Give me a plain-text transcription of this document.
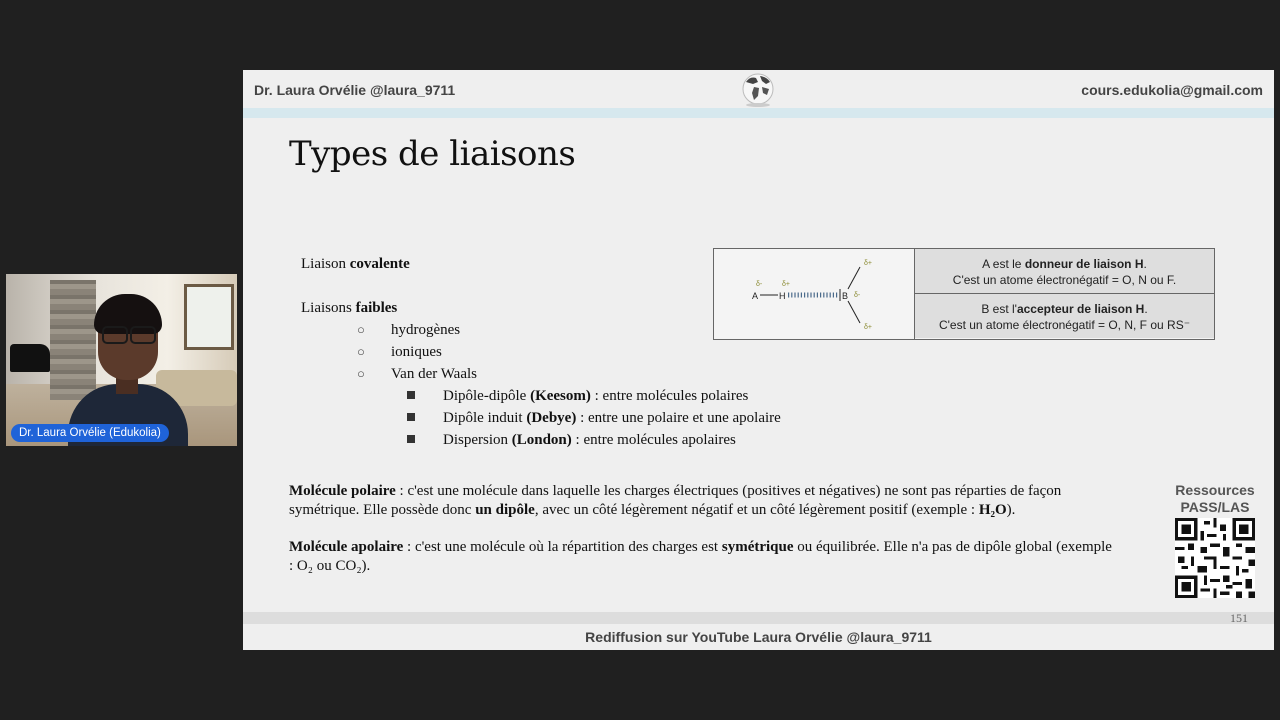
Dr. Laura Orvélie (Edukolia)
Dr. Laura Orvélie @laura_9711	cours.edukolia@gmail.com
Types de liaisons
Liaison covalente
Liaisons faibles
○ hydrogènes
○ ioniques
○ Van der Waals
Dipôle-dipôle (Keesom) : entre molécules polaires
Dipôle induit (Debye) : entre une polaire et une apolaire
Dispersion (London) : entre molécules apolaires
δ-	δ+
A H	B δ-
δ+
δ+
A est le donneur de liaison H.
C'est un atome électronégatif = O, N ou F.
B est l'accepteur de liaison H.
C'est un atome électronégatif = O, N, F ou RS⁻
Molécule polaire : c'est une molécule dans laquelle les charges électriques (positives et négatives) ne sont pas réparties de façon symétrique. Elle possède donc un dipôle, avec un côté légèrement négatif et un côté légèrement positif (exemple : H₂O).
Molécule apolaire : c'est une molécule où la répartition des charges est symétrique ou équilibrée. Elle n'a pas de dipôle global (exemple : O₂ ou CO₂).
Ressources
PASS/LAS
151
Rediffusion sur YouTube Laura Orvélie @laura_9711
